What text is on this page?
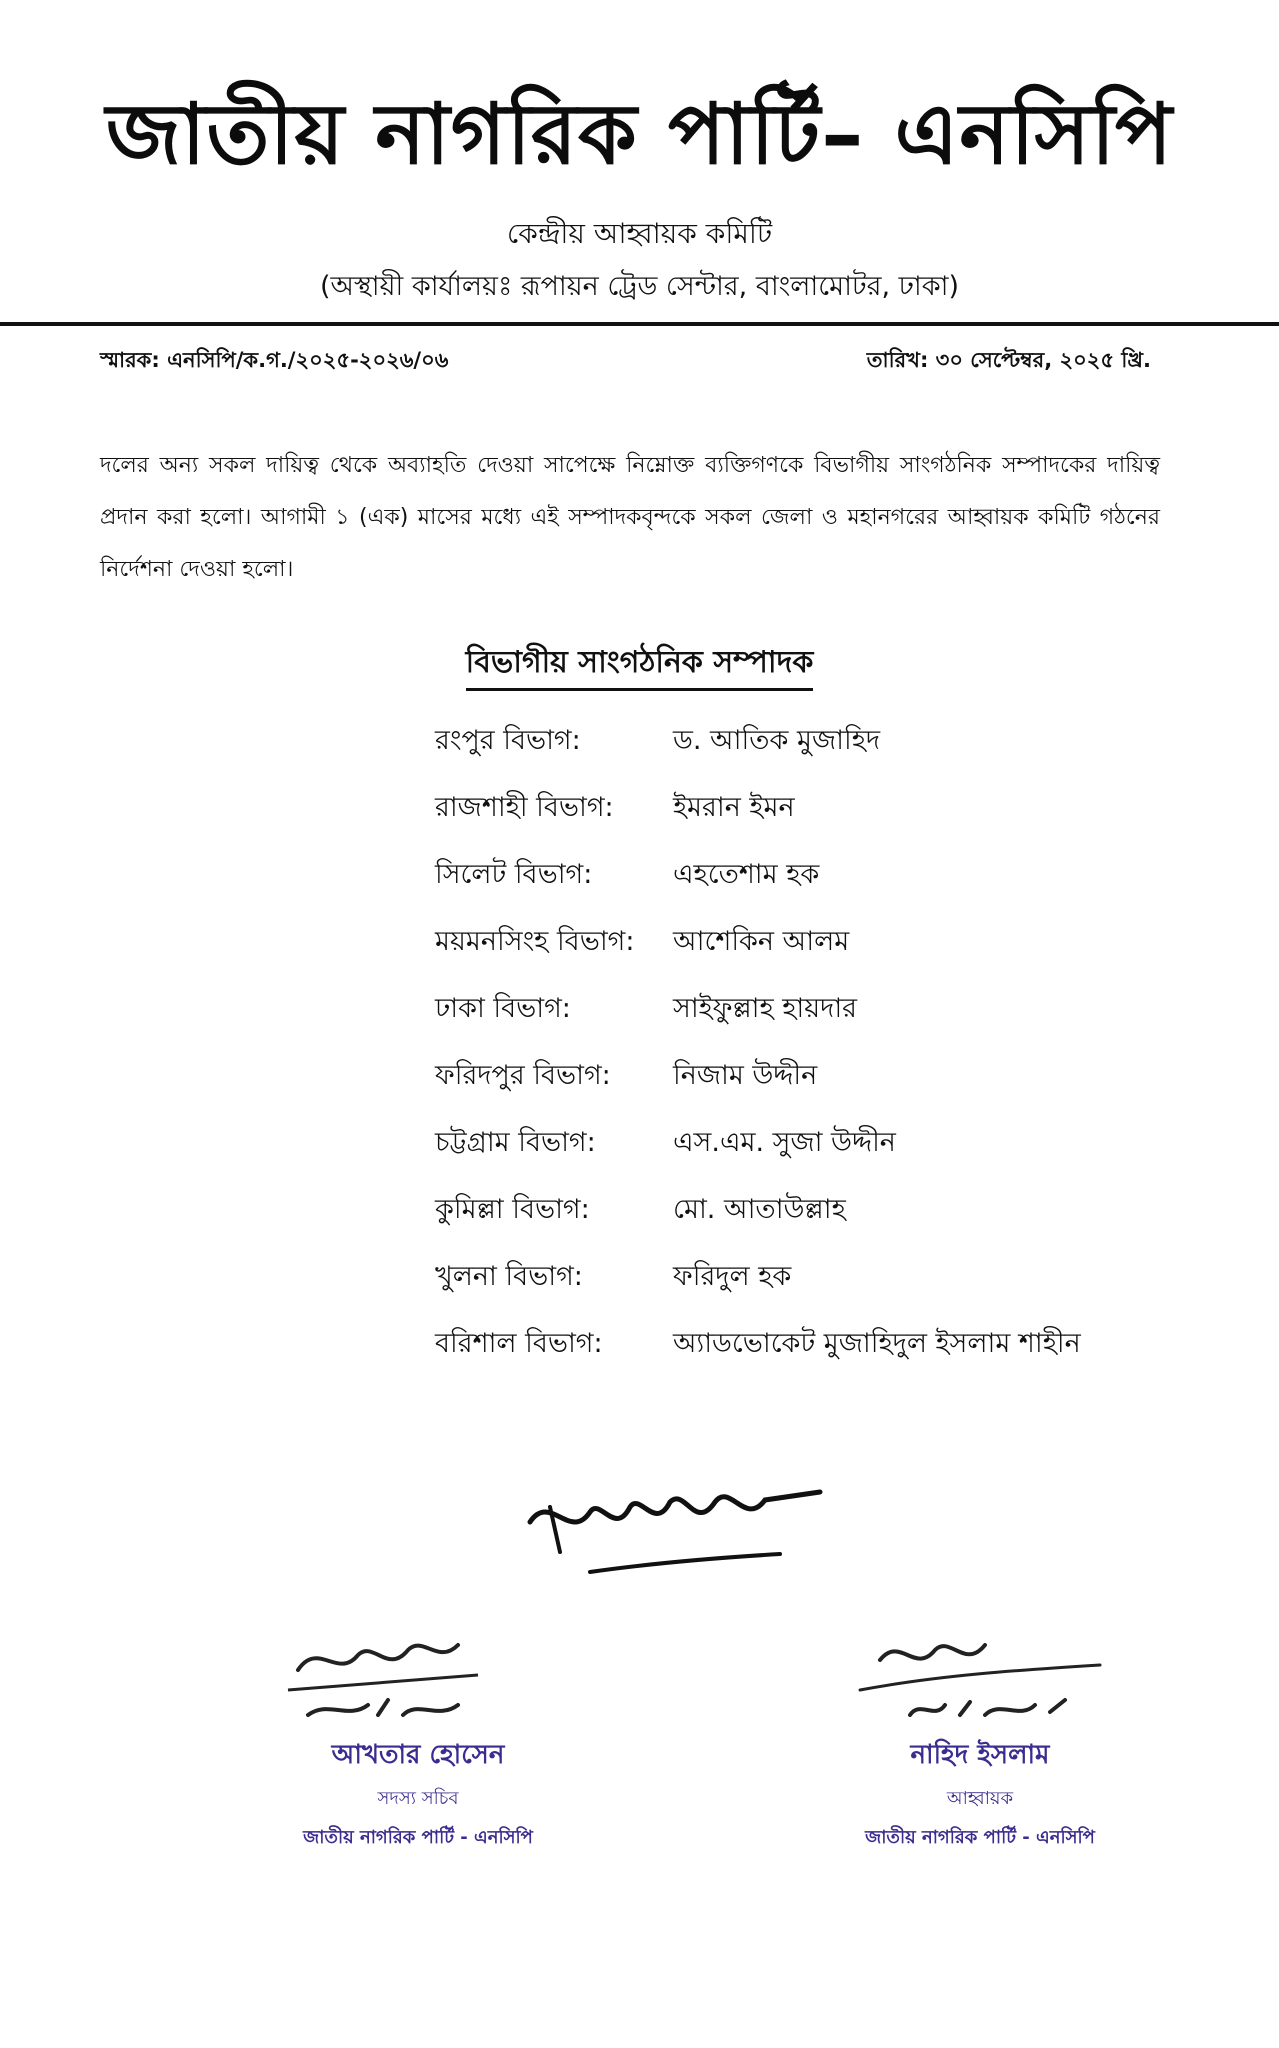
জাতীয় নাগরিক পার্টি– এনসিপি
কেন্দ্রীয় আহ্বায়ক কমিটি
(অস্থায়ী কার্যালয়ঃ রূপায়ন ট্রেড সেন্টার, বাংলামোটর, ঢাকা)
স্মারক: এনসিপি/ক.গ./২০২৫-২০২৬/০৬	তারিখ: ৩০ সেপ্টেম্বর, ২০২৫ খ্রি.
দলের অন্য সকল দায়িত্ব থেকে অব্যাহতি দেওয়া সাপেক্ষে নিম্নোক্ত ব্যক্তিগণকে বিভাগীয় সাংগঠনিক সম্পাদকের দায়িত্ব প্রদান করা হলো। আগামী ১ (এক) মাসের মধ্যে এই সম্পাদকবৃন্দকে সকল জেলা ও মহানগরের আহ্বায়ক কমিটি গঠনের নির্দেশনা দেওয়া হলো।
বিভাগীয় সাংগঠনিক সম্পাদক
রংপুর বিভাগ:	ড. আতিক মুজাহিদ
রাজশাহী বিভাগ: ইমরান ইমন
সিলেট বিভাগ:	এহতেশাম হক
ময়মনসিংহ বিভাগ: আশেকিন আলম
ঢাকা বিভাগ:	সাইফুল্লাহ হায়দার
ফরিদপুর বিভাগ: নিজাম উদ্দীন
চট্টগ্রাম বিভাগ:	এস.এম. সুজা উদ্দীন
কুমিল্লা বিভাগ:	মো. আতাউল্লাহ
খুলনা বিভাগ:	ফরিদুল হক
বরিশাল বিভাগ:	অ্যাডভোকেট মুজাহিদুল ইসলাম শাহীন
আখতার হোসেন
সদস্য সচিব
জাতীয় নাগরিক পার্টি - এনসিপি
নাহিদ ইসলাম
আহ্বায়ক
জাতীয় নাগরিক পার্টি - এনসিপি
